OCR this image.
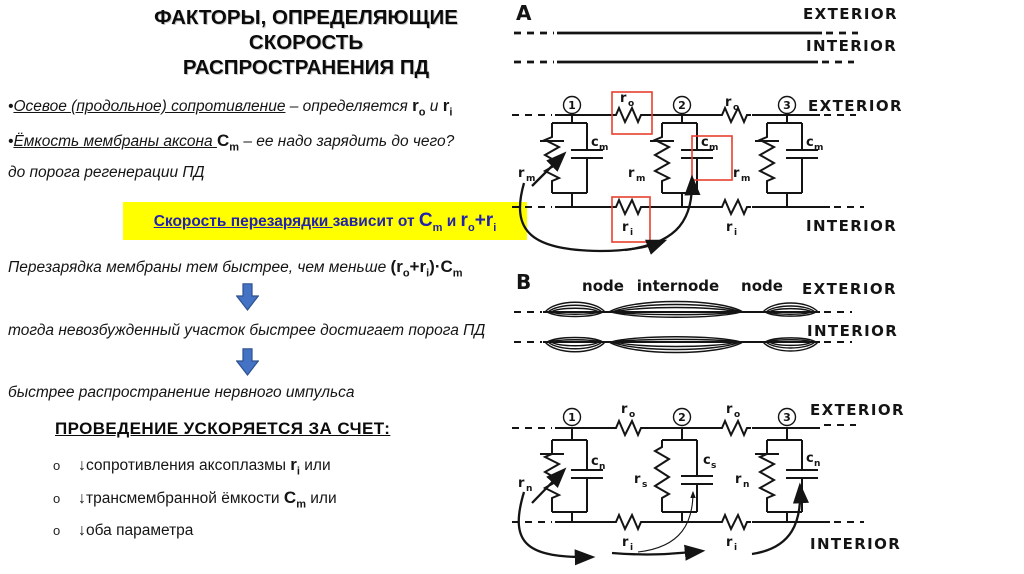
ФАКТОРЫ, ОПРЕДЕЛЯЮЩИЕ
СКОРОСТЬ
РАСПРОСТРАНЕНИЯ ПД
•Осевое (продольное) сопротивление – определяется $r_o$ и $r_i$
•Ёмкость мембраны аксона $C_m$ – ее надо зарядить до чего?
до порога регенерации ПД
Скорость перезарядки зависит от $C_m$ и $r_o+r_i$
Перезарядка мембраны тем быстрее, чем меньше $(r_o+r_i)\cdot C_m$
тогда невозбужденный участок быстрее достигает порога ПД
быстрее распространение нервного импульса
ПРОВЕДЕНИЕ УСКОРЯЕТСЯ ЗА СЧЕТ:
o ↓сопротивления аксоплазмы $r_i$ или
o ↓трансмембранной ёмкости $C_m$ или
o ↓оба параметра
A	EXTERIOR
INTERIOR
EXTERIOR
1	2	3
r o	r o
r m
c m
r m
c m
r m
c m
r i	r i	INTERIOR
B	node internode node EXTERIOR
INTERIOR
EXTERIOR
1	2	3
r o	r o
r n
c n
r s
c s
r n
c n
r i	r i	INTERIOR
